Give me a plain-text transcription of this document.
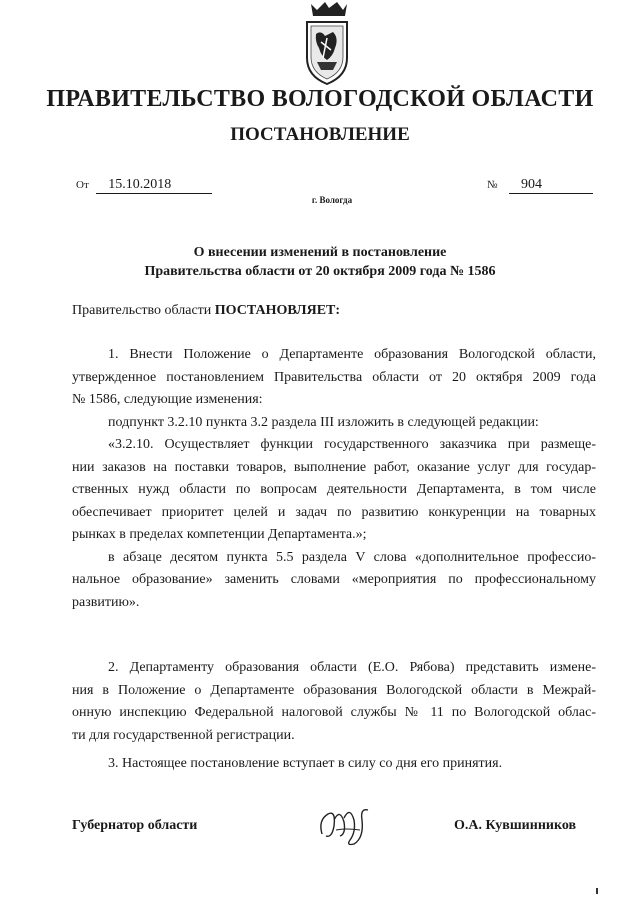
ПРАВИТЕЛЬСТВО ВОЛОГОДСКОЙ ОБЛАСТИ
ПОСТАНОВЛЕНИЕ
От 15.10.2018	№ 904
г. Вологда
О внесении изменений в постановление
Правительства области от 20 октября 2009 года № 1586
Правительство области ПОСТАНОВЛЯЕТ:
1. Внести Положение о Департаменте образования Вологодской области,
утвержденное постановлением Правительства области от 20 октября 2009 года
№ 1586, следующие изменения:
подпункт 3.2.10 пункта 3.2 раздела III изложить в следующей редакции:
«3.2.10. Осуществляет функции государственного заказчика при размеще-
нии заказов на поставки товаров, выполнение работ, оказание услуг для государ-
ственных нужд области по вопросам деятельности Департамента, в том числе
обеспечивает приоритет целей и задач по развитию конкуренции на товарных
рынках в пределах компетенции Департамента.»;
в абзаце десятом пункта 5.5 раздела V слова «дополнительное профессио-
нальное образование» заменить словами «мероприятия по профессиональному
развитию».
2. Департаменту образования области (Е.О. Рябова) представить измене-
ния в Положение о Департаменте образования Вологодской области в Межрай-
онную инспекцию Федеральной налоговой службы № 11 по Вологодской облас-
ти для государственной регистрации.
3. Настоящее постановление вступает в силу со дня его принятия.
Губернатор области	О.А. Кувшинников
